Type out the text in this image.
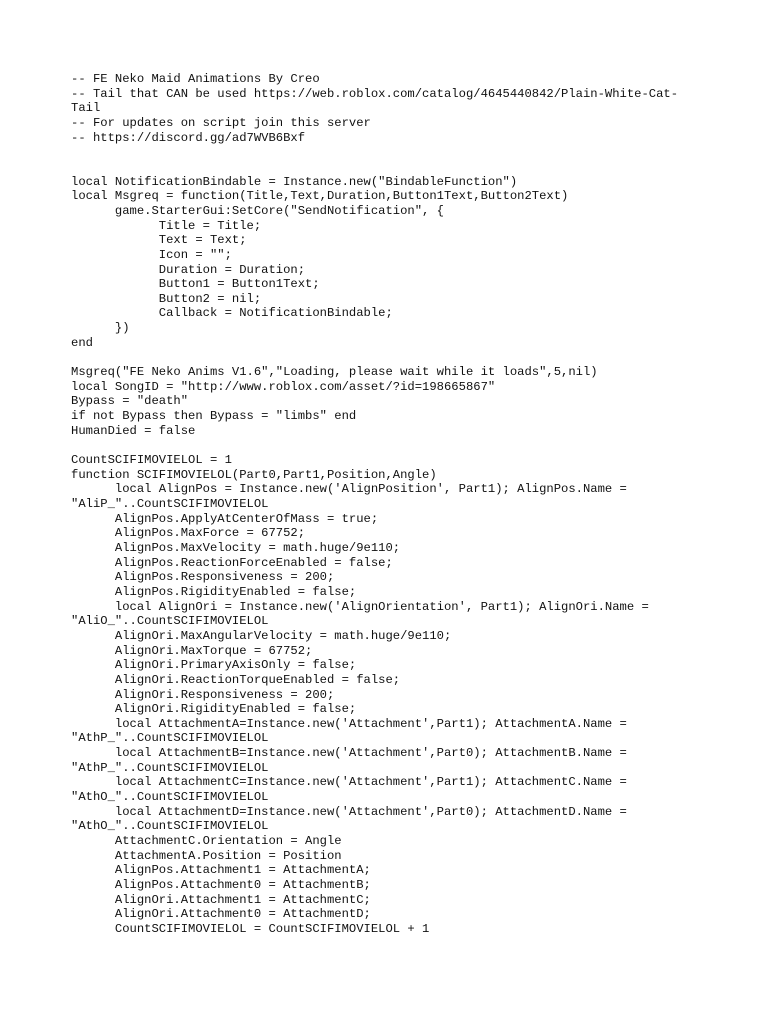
-- FE Neko Maid Animations By Creo
-- Tail that CAN be used https://web.roblox.com/catalog/4645440842/Plain-White-Cat-
Tail
-- For updates on script join this server
-- https://discord.gg/ad7WVB6Bxf
local NotificationBindable = Instance.new("BindableFunction")
local Msgreq = function(Title,Text,Duration,Button1Text,Button2Text)
game.StarterGui:SetCore("SendNotification", {
Title = Title;
Text = Text;
Icon = "";
Duration = Duration;
Button1 = Button1Text;
Button2 = nil;
Callback = NotificationBindable;
})
end
Msgreq("FE Neko Anims V1.6","Loading, please wait while it loads",5,nil)
local SongID = "http://www.roblox.com/asset/?id=198665867"
Bypass = "death"
if not Bypass then Bypass = "limbs" end
HumanDied = false
CountSCIFIMOVIELOL = 1
function SCIFIMOVIELOL(Part0,Part1,Position,Angle)
local AlignPos = Instance.new('AlignPosition', Part1); AlignPos.Name =
"AliP_"..CountSCIFIMOVIELOL
AlignPos.ApplyAtCenterOfMass = true;
AlignPos.MaxForce = 67752;
AlignPos.MaxVelocity = math.huge/9e110;
AlignPos.ReactionForceEnabled = false;
AlignPos.Responsiveness = 200;
AlignPos.RigidityEnabled = false;
local AlignOri = Instance.new('AlignOrientation', Part1); AlignOri.Name =
"AliO_"..CountSCIFIMOVIELOL
AlignOri.MaxAngularVelocity = math.huge/9e110;
AlignOri.MaxTorque = 67752;
AlignOri.PrimaryAxisOnly = false;
AlignOri.ReactionTorqueEnabled = false;
AlignOri.Responsiveness = 200;
AlignOri.RigidityEnabled = false;
local AttachmentA=Instance.new('Attachment',Part1); AttachmentA.Name =
"AthP_"..CountSCIFIMOVIELOL
local AttachmentB=Instance.new('Attachment',Part0); AttachmentB.Name =
"AthP_"..CountSCIFIMOVIELOL
local AttachmentC=Instance.new('Attachment',Part1); AttachmentC.Name =
"AthO_"..CountSCIFIMOVIELOL
local AttachmentD=Instance.new('Attachment',Part0); AttachmentD.Name =
"AthO_"..CountSCIFIMOVIELOL
AttachmentC.Orientation = Angle
AttachmentA.Position = Position
AlignPos.Attachment1 = AttachmentA;
AlignPos.Attachment0 = AttachmentB;
AlignOri.Attachment1 = AttachmentC;
AlignOri.Attachment0 = AttachmentD;
CountSCIFIMOVIELOL = CountSCIFIMOVIELOL + 1
